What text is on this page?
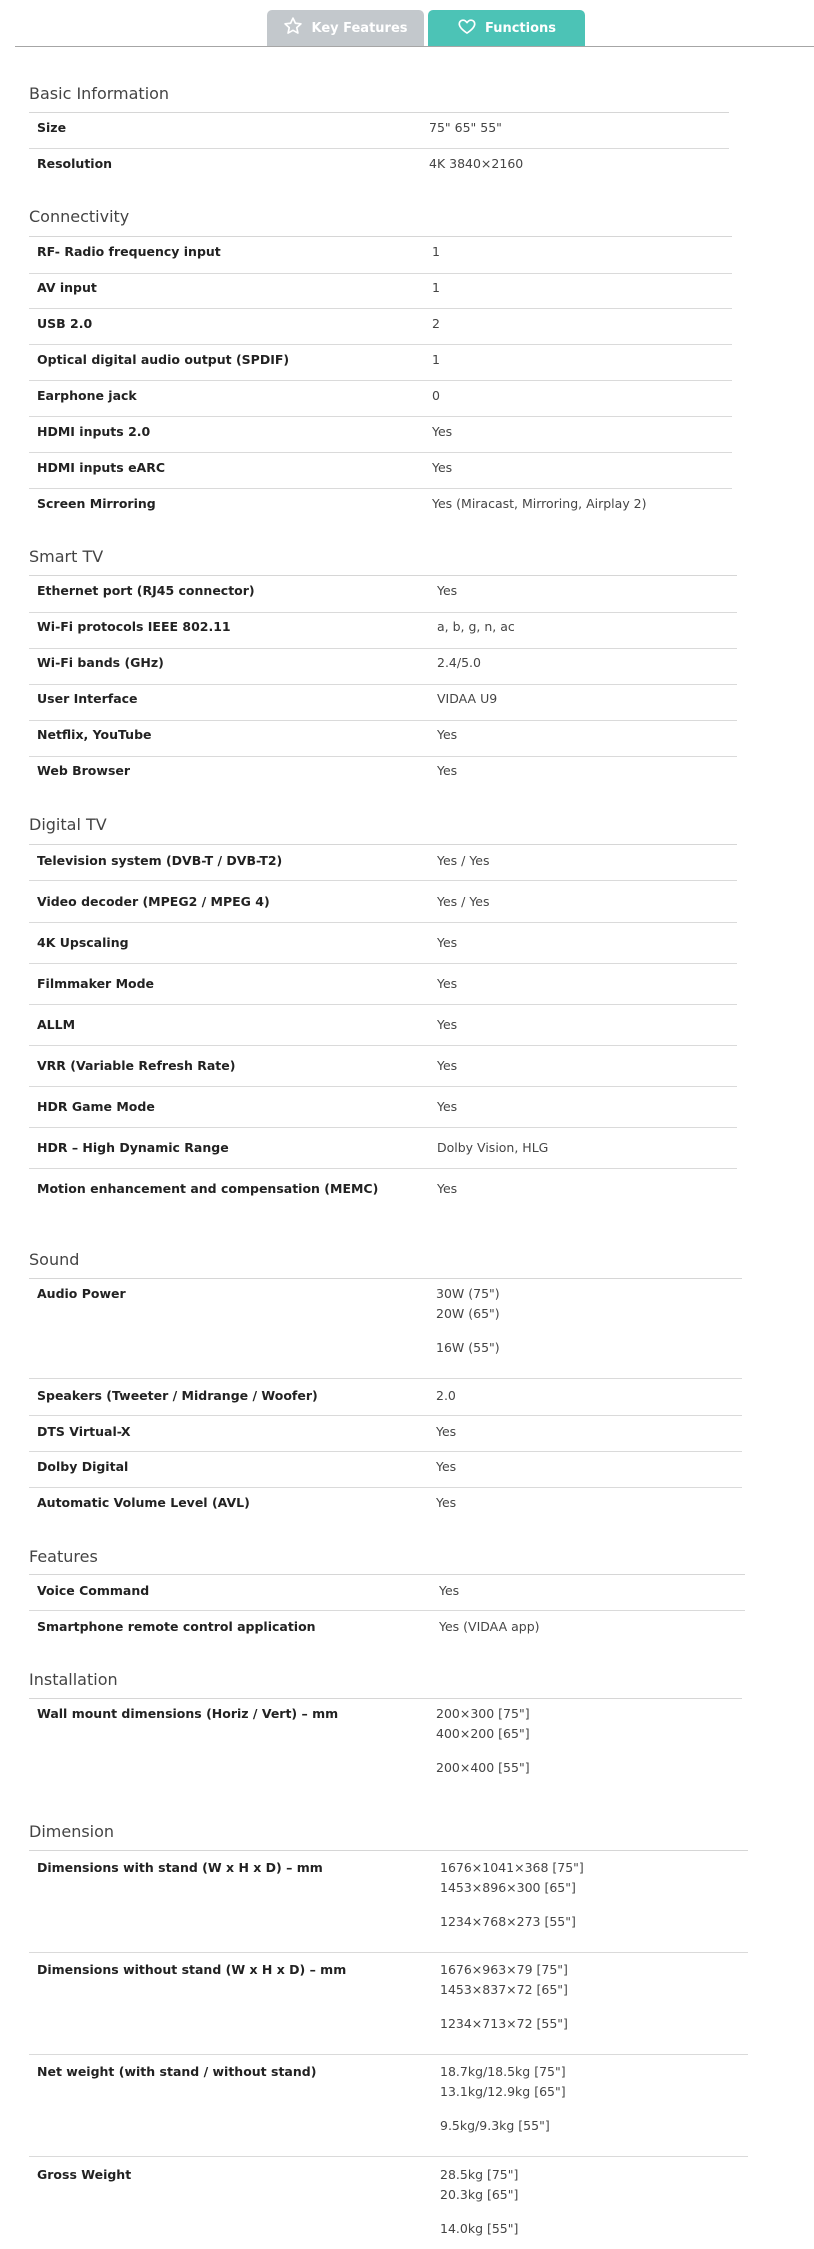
Key Features	Functions
Basic Information
Size	75" 65" 55"
Resolution	4K 3840×2160
Connectivity
RF- Radio frequency input	1
AV input	1
USB 2.0	2
Optical digital audio output (SPDIF)	1
Earphone jack	0
HDMI inputs 2.0	Yes
HDMI inputs eARC	Yes
Screen Mirroring	Yes (Miracast, Mirroring, Airplay 2)
Smart TV
Ethernet port (RJ45 connector)	Yes
Wi-Fi protocols IEEE 802.11	a, b, g, n, ac
Wi-Fi bands (GHz)	2.4/5.0
User Interface	VIDAA U9
Netflix, YouTube	Yes
Web Browser	Yes
Digital TV
Television system (DVB-T / DVB-T2)	Yes / Yes
Video decoder (MPEG2 / MPEG 4)	Yes / Yes
4K Upscaling	Yes
Filmmaker Mode	Yes
ALLM	Yes
VRR (Variable Refresh Rate)	Yes
HDR Game Mode	Yes
HDR – High Dynamic Range	Dolby Vision, HLG
Motion enhancement and compensation (MEMC)	Yes
Sound
Audio Power	30W (75")
20W (65")
16W (55")
Speakers (Tweeter / Midrange / Woofer)	2.0
DTS Virtual-X	Yes
Dolby Digital	Yes
Automatic Volume Level (AVL)	Yes
Features
Voice Command	Yes
Smartphone remote control application	Yes (VIDAA app)
Installation
Wall mount dimensions (Horiz / Vert) – mm	200×300 [75"]
400×200 [65"]
200×400 [55"]
Dimension
Dimensions with stand (W x H x D) – mm	1676×1041×368 [75"]
1453×896×300 [65"]
1234×768×273 [55"]
Dimensions without stand (W x H x D) – mm	1676×963×79 [75"]
1453×837×72 [65"]
1234×713×72 [55"]
Net weight (with stand / without stand)	18.7kg/18.5kg [75"]
13.1kg/12.9kg [65"]
9.5kg/9.3kg [55"]
Gross Weight	28.5kg [75"]
20.3kg [65"]
14.0kg [55"]
